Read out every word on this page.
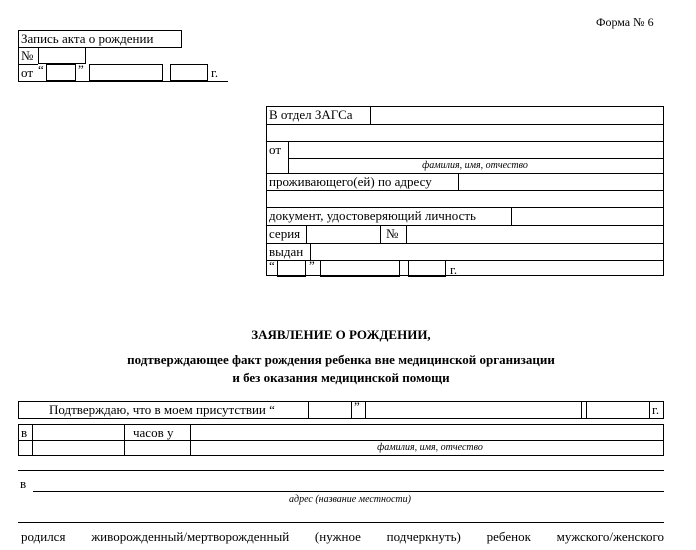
Форма № 6
Запись акта о рождении
№
от “	”	г.
В отдел ЗАГСа
от
фамилия, имя, отчество
проживающего(ей) по адресу
документ, удостоверяющий личность
серия	№
выдан
“	”	г.
ЗАЯВЛЕНИЕ О РОЖДЕНИИ,
подтверждающее факт рождения ребенка вне медицинской организации
и без оказания медицинской помощи
Подтверждаю, что в моем присутствии “	”	г.
в	часов у
фамилия, имя, отчество
в
адрес (название местности)
родился живорожденный/мертворожденный (нужное подчеркнуть) ребенок мужского/женского
